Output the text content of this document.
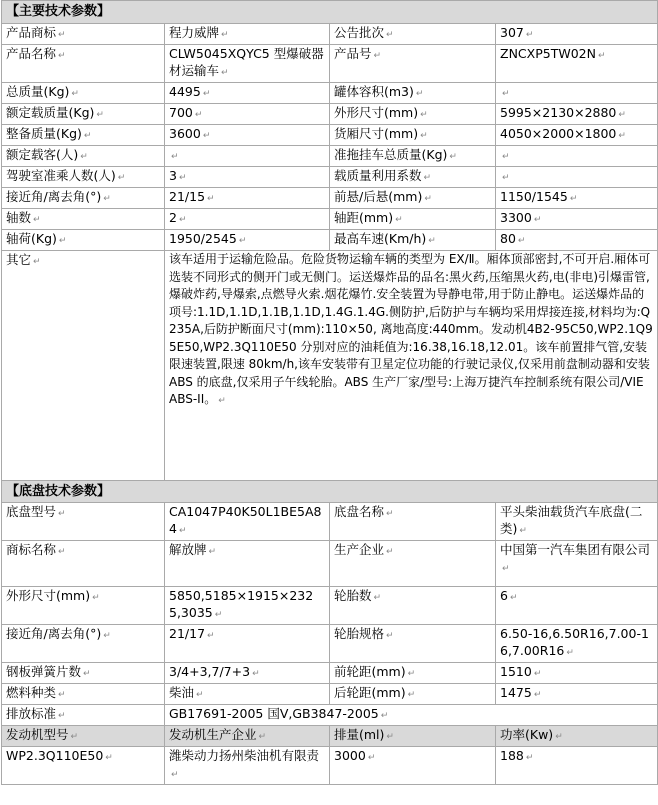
【主要技术参数】			
产品商标 ↵	程力威牌 ↵	公告批次 ↵	307 ↵
产品名称 ↵	CLW5045XQYC5 型爆破器材运输车 ↵	产品号 ↵	ZNCXP5TW02N ↵
总质量(Kg) ↵	4495 ↵	罐体容积(m3) ↵	↵
额定载质量(Kg) ↵	700 ↵	外形尺寸(mm) ↵	5995×2130×2880 ↵
整备质量(Kg) ↵	3600 ↵	货厢尺寸(mm) ↵	4050×2000×1800 ↵
额定载客(人) ↵	↵	准拖挂车总质量(Kg) ↵	↵
驾驶室准乘人数(人) ↵	3 ↵	载质量利用系数 ↵	↵
接近角/离去角(°) ↵	21/15 ↵	前悬/后悬(mm) ↵	1150/1545 ↵
轴数 ↵	2 ↵	轴距(mm) ↵	3300 ↵
轴荷(Kg) ↵	1950/2545 ↵	最高车速(Km/h) ↵	80 ↵
其它 ↵	该车适用于运输危险品。危险货物运输车辆的类型为 EX/Ⅱ。厢体顶部密封,不可开启.厢体可选装不同形式的侧开门或无侧门。运送爆炸品的品名:黑火药,压缩黑火药,电(非电)引爆雷管,爆破炸药,导爆索,点燃导火索.烟花爆竹.安全装置为导静电带,用于防止静电。运送爆炸品的项号:1.1D,1.1D,1.1B,1.1D,1.4G.1.4G.侧防护,后防护与车辆均采用焊接连接,材料均为:Q235A,后防护断面尺寸(mm):110×50, 离地高度:440mm。发动机4B2-95C50,WP2.1Q95E50,WP2.3Q110E50 分别对应的油耗值为:16.38,16.18,12.01。该车前置排气管,安装限速装置,限速 80km/h,该车安装带有卫星定位功能的行驶记录仪,仅采用前盘制动器和安装 ABS 的底盘,仅采用子午线轮胎。ABS 生产厂家/型号:上海万捷汽车控制系统有限公司/VIE ABS-II。 ↵		
【底盘技术参数】			
底盘型号 ↵	CA1047P40K50L1BE5A84 ↵	底盘名称 ↵	平头柴油载货汽车底盘(二类) ↵
商标名称 ↵	解放牌 ↵	生产企业 ↵	中国第一汽车集团有限公司↵
外形尺寸(mm) ↵	5850,5185×1915×2325,3035 ↵	轮胎数 ↵	6 ↵
接近角/离去角(°) ↵	21/17 ↵	轮胎规格 ↵	6.50-16,6.50R16,7.00-16,7.00R16 ↵
钢板弹簧片数 ↵	3/4+3,7/7+3 ↵	前轮距(mm) ↵	1510 ↵
燃料种类 ↵	柴油 ↵	后轮距(mm) ↵	1475 ↵
排放标准 ↵	GB17691-2005 国Ⅴ,GB3847-2005 ↵		
发动机型号 ↵	发动机生产企业 ↵	排量(ml) ↵	功率(Kw) ↵
WP2.3Q110E50 ↵	潍柴动力扬州柴油机有限责↵	3000 ↵	188 ↵
